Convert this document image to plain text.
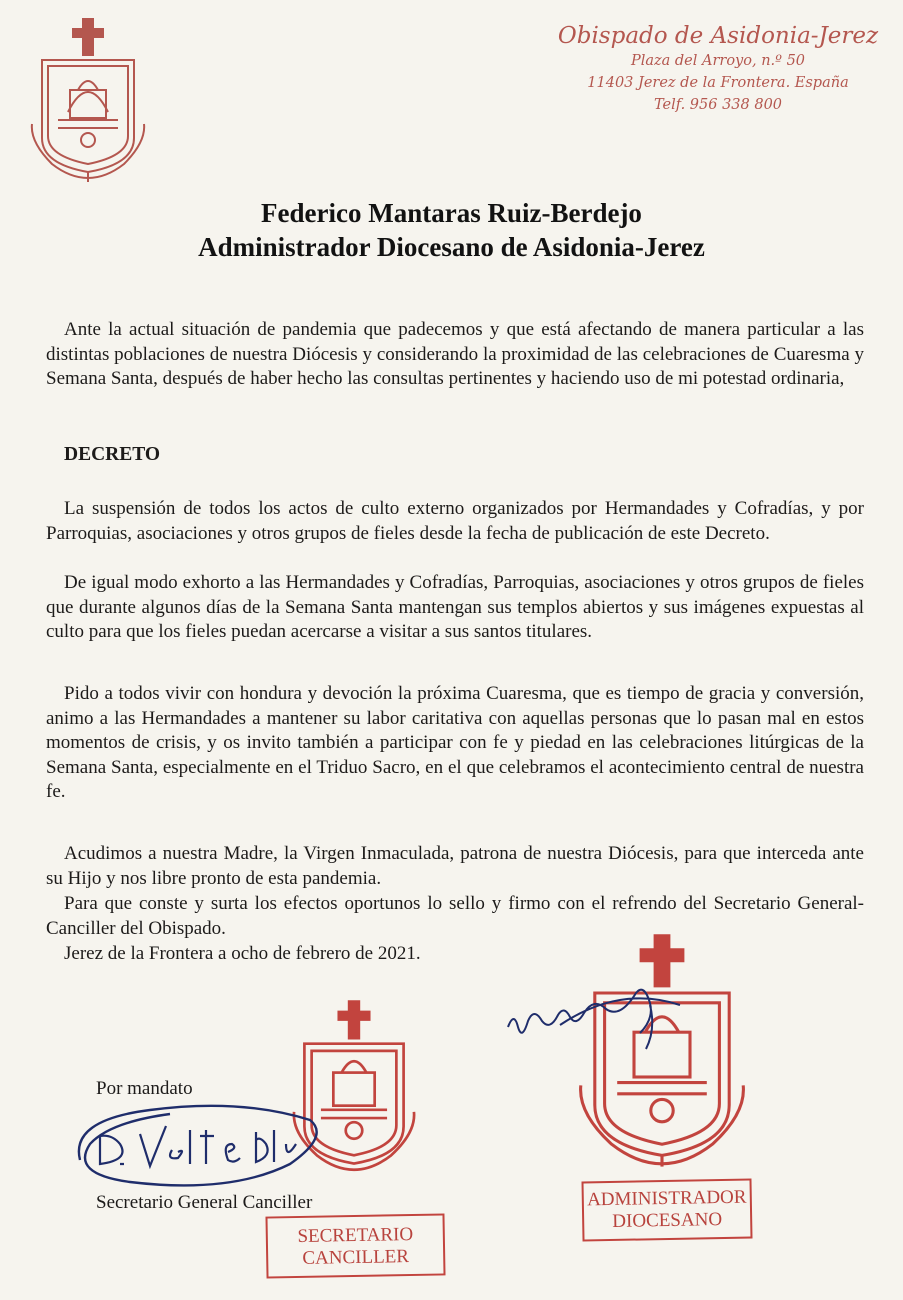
Obispado de Asidonia-Jerez
Plaza del Arroyo, n.º 50
11403 Jerez de la Frontera. España
Telf. 956 338 800
Federico Mantaras Ruiz-Berdejo
Administrador Diocesano de Asidonia-Jerez

Ante la actual situación de pandemia que padecemos y que está afectando de manera particular a las distintas poblaciones de nuestra Diócesis y considerando la proximidad de las celebraciones de Cuaresma y Semana Santa, después de haber hecho las consultas pertinentes y haciendo uso de mi potestad ordinaria,

DECRETO

La suspensión de todos los actos de culto externo organizados por Hermandades y Cofradías, y por Parroquias, asociaciones y otros grupos de fieles desde la fecha de publicación de este Decreto.

De igual modo exhorto a las Hermandades y Cofradías, Parroquias, asociaciones y otros grupos de fieles que durante algunos días de la Semana Santa mantengan sus templos abiertos y sus imágenes expuestas al culto para que los fieles puedan acercarse a visitar a sus santos titulares.

Pido a todos vivir con hondura y devoción la próxima Cuaresma, que es tiempo de gracia y conversión, animo a las Hermandades a mantener su labor caritativa con aquellas personas que lo pasan mal en estos momentos de crisis, y os invito también a participar con fe y piedad en las celebraciones litúrgicas de la Semana Santa, especialmente en el Triduo Sacro, en el que celebramos el acontecimiento central de nuestra fe.

Acudimos a nuestra Madre, la Virgen Inmaculada, patrona de nuestra Diócesis, para que interceda ante su Hijo y nos libre pronto de esta pandemia.

Para que conste y surta los efectos oportunos lo sello y firmo con el refrendo del Secretario General-Canciller del Obispado.

Jerez de la Frontera a ocho de febrero de 2021.

Por mandato
Secretario General Canciller
SECRETARIO
CANCILLER
ADMINISTRADOR
DIOCESANO
